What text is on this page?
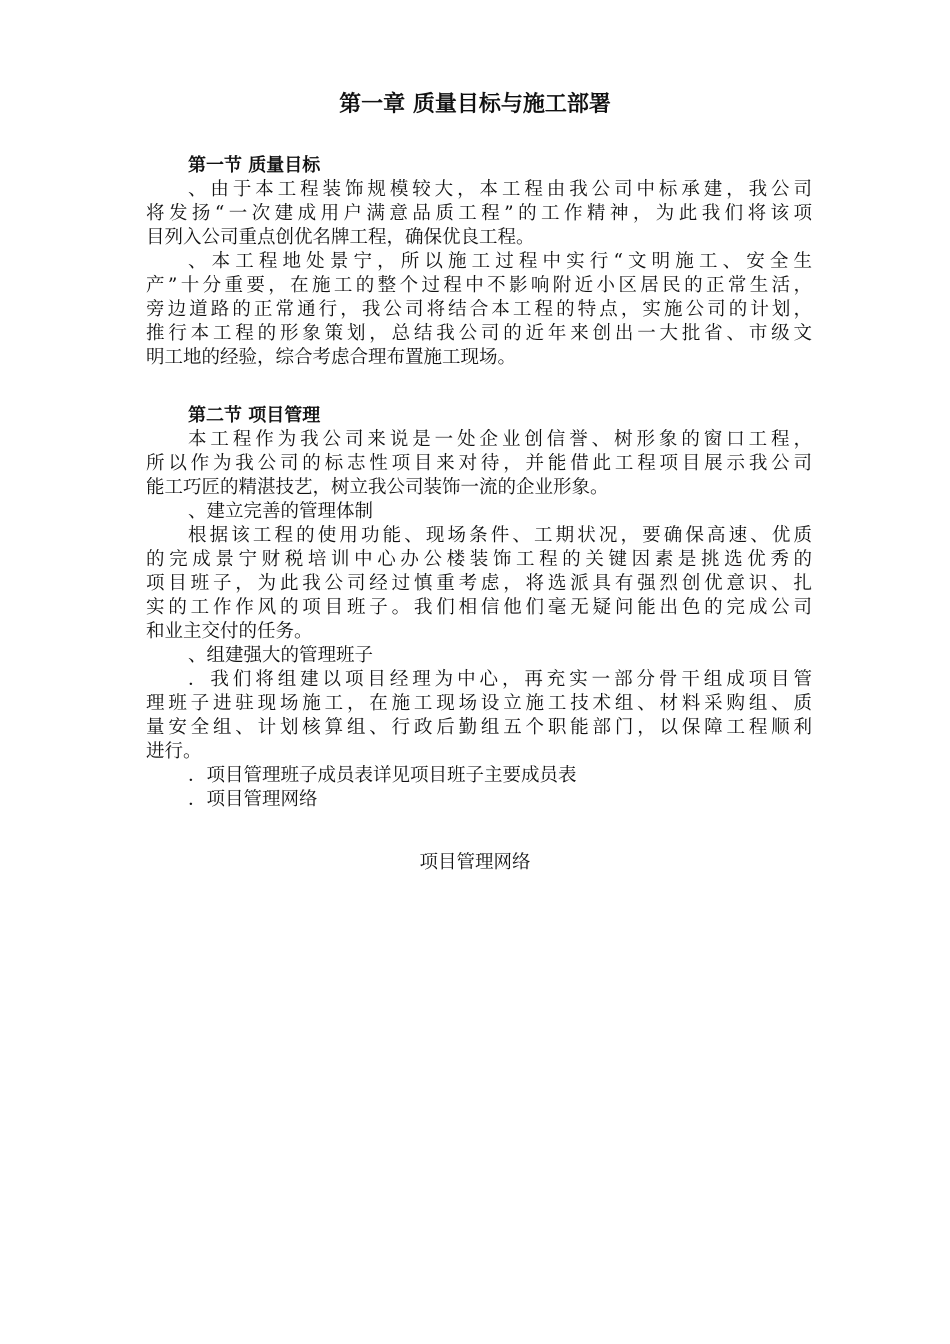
第一章 质量目标与施工部署
第一节 质量目标
、由于本工程装饰规模较大，本工程由我公司中标承建，我公司
将发扬“一次建成用户满意品质工程”的工作精神，为此我们将该项
目列入公司重点创优名牌工程，确保优良工程。
、本工程地处景宁，所以施工过程中实行“文明施工、安全生
产”十分重要，在施工的整个过程中不影响附近小区居民的正常生活，
旁边道路的正常通行，我公司将结合本工程的特点，实施公司的计划，
推行本工程的形象策划，总结我公司的近年来创出一大批省、市级文
明工地的经验，综合考虑合理布置施工现场。
第二节 项目管理
本工程作为我公司来说是一处企业创信誉、树形象的窗口工程，
所以作为我公司的标志性项目来对待，并能借此工程项目展示我公司
能工巧匠的精湛技艺，树立我公司装饰一流的企业形象。
、建立完善的管理体制
根据该工程的使用功能、现场条件、工期状况，要确保高速、优质
的完成景宁财税培训中心办公楼装饰工程的关键因素是挑选优秀的
项目班子，为此我公司经过慎重考虑，将选派具有强烈创优意识、扎
实的工作作风的项目班子。我们相信他们毫无疑问能出色的完成公司
和业主交付的任务。
、组建强大的管理班子
．我们将组建以项目经理为中心，再充实一部分骨干组成项目管
理班子进驻现场施工，在施工现场设立施工技术组、材料采购组、质
量安全组、计划核算组、行政后勤组五个职能部门，以保障工程顺利
进行。
．项目管理班子成员表详见项目班子主要成员表
．项目管理网络
项目管理网络
